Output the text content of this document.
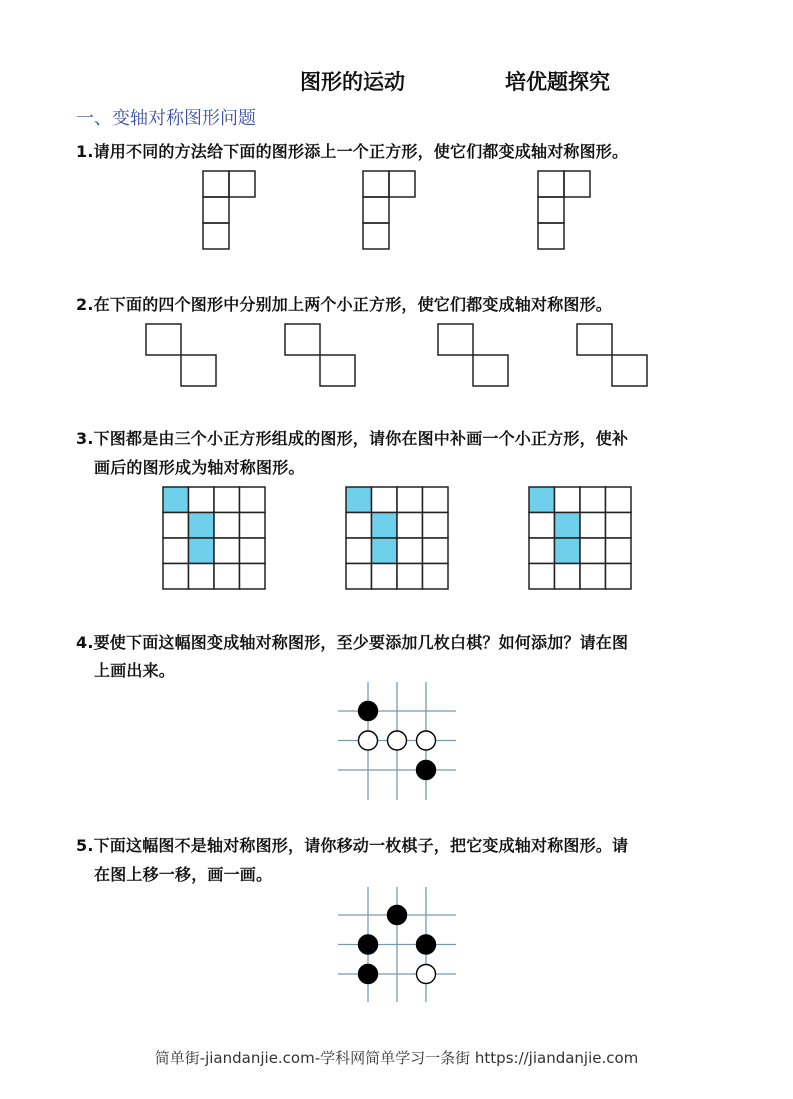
图形的运动	培优题探究
一、变轴对称图形问题
1.请用不同的方法给下面的图形添上一个正方形，使它们都变成轴对称图形。
2.在下面的四个图形中分别加上两个小正方形，使它们都变成轴对称图形。
3.下图都是由三个小正方形组成的图形，请你在图中补画一个小正方形，使补
画后的图形成为轴对称图形。
4.要使下面这幅图变成轴对称图形，至少要添加几枚白棋？如何添加？请在图
上画出来。
5.下面这幅图不是轴对称图形，请你移动一枚棋子，把它变成轴对称图形。请
在图上移一移，画一画。
简单街-jiandanjie.com-学科网简单学习一条街 https://jiandanjie.com
